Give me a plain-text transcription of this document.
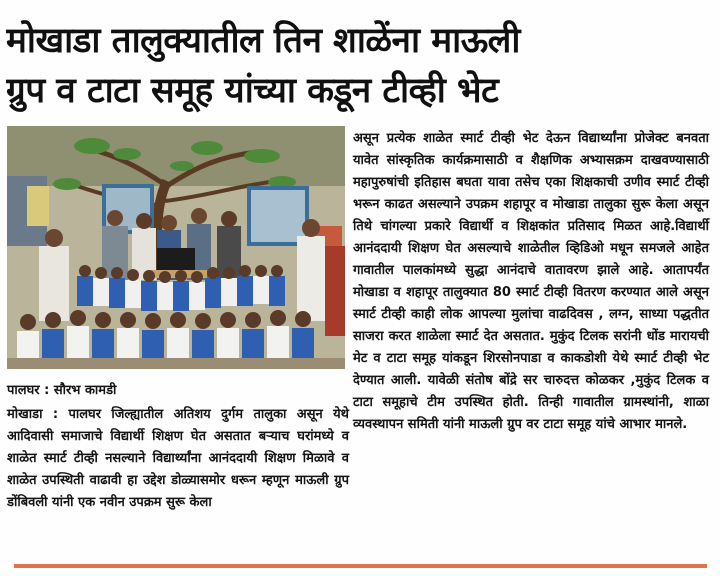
मोखाडा तालुक्यातील तिन शाळेंना माऊली
ग्रुप व टाटा समूह यांच्या कडून टीव्ही भेट
पालघर : सौरभ कामडी
मोखाडा : पालघर जिल्ह्यातील अतिशय दुर्गम तालुका असून येथे आदिवासी समाजाचे विद्यार्थी शिक्षण घेत असतात बऱ्याच घरांमध्ये व शाळेत स्मार्ट टीव्ही नसल्याने विद्यार्थ्यांना आनंददायी शिक्षण मिळावे व शाळेत उपस्थिती वाढावी हा उद्देश डोळ्यासमोर धरून म्हणून माऊली ग्रुप डोंबिवली यांनी एक नवीन उपक्रम सुरू केला
असून प्रत्येक शाळेत स्मार्ट टीव्ही भेट देऊन विद्यार्थ्यांना प्रोजेक्ट बनवता यावेत सांस्कृतिक कार्यक्रमासाठी व शैक्षणिक अभ्यासक्रम दाखवण्यासाठी महापुरुषांची इतिहास बघता यावा तसेच एका शिक्षकाची उणीव स्मार्ट टीव्ही भरून काढत असल्याने उपक्रम शहापूर व मोखाडा तालुका सुरू केला असून तिथे चांगल्या प्रकारे विद्यार्थी व शिक्षकांत प्रतिसाद मिळत आहे.विद्यार्थी आनंददायी शिक्षण घेत असल्याचे शाळेतील व्हिडिओ मधून समजले आहेत गावातील पालकांमध्ये सुद्धा आनंदाचे वातावरण झाले आहे. आतापर्यंत मोखाडा व शहापूर तालुक्यात 80 स्मार्ट टीव्ही वितरण करण्यात आले असून स्मार्ट टीव्ही काही लोक आपल्या मुलांचा वाढदिवस , लग्न, साध्या पद्धतीत साजरा करत शाळेला स्मार्ट देत असतात. मुकुंद टिलक सरांनी धोंड मारायची मेट व टाटा समूह यांकडून शिरसोनपाडा व काकडोशी येथे स्मार्ट टीव्ही भेट देण्यात आली. यावेळी संतोष बोंद्रे सर चारुदत्त कोळकर ,मुकुंद टिलक व टाटा समूहाचे टीम उपस्थित होती. तिन्ही गावातील ग्रामस्थांनी, शाळा व्यवस्थापन समिती यांनी माऊली ग्रुप वर टाटा समूह यांचे आभार मानले.
